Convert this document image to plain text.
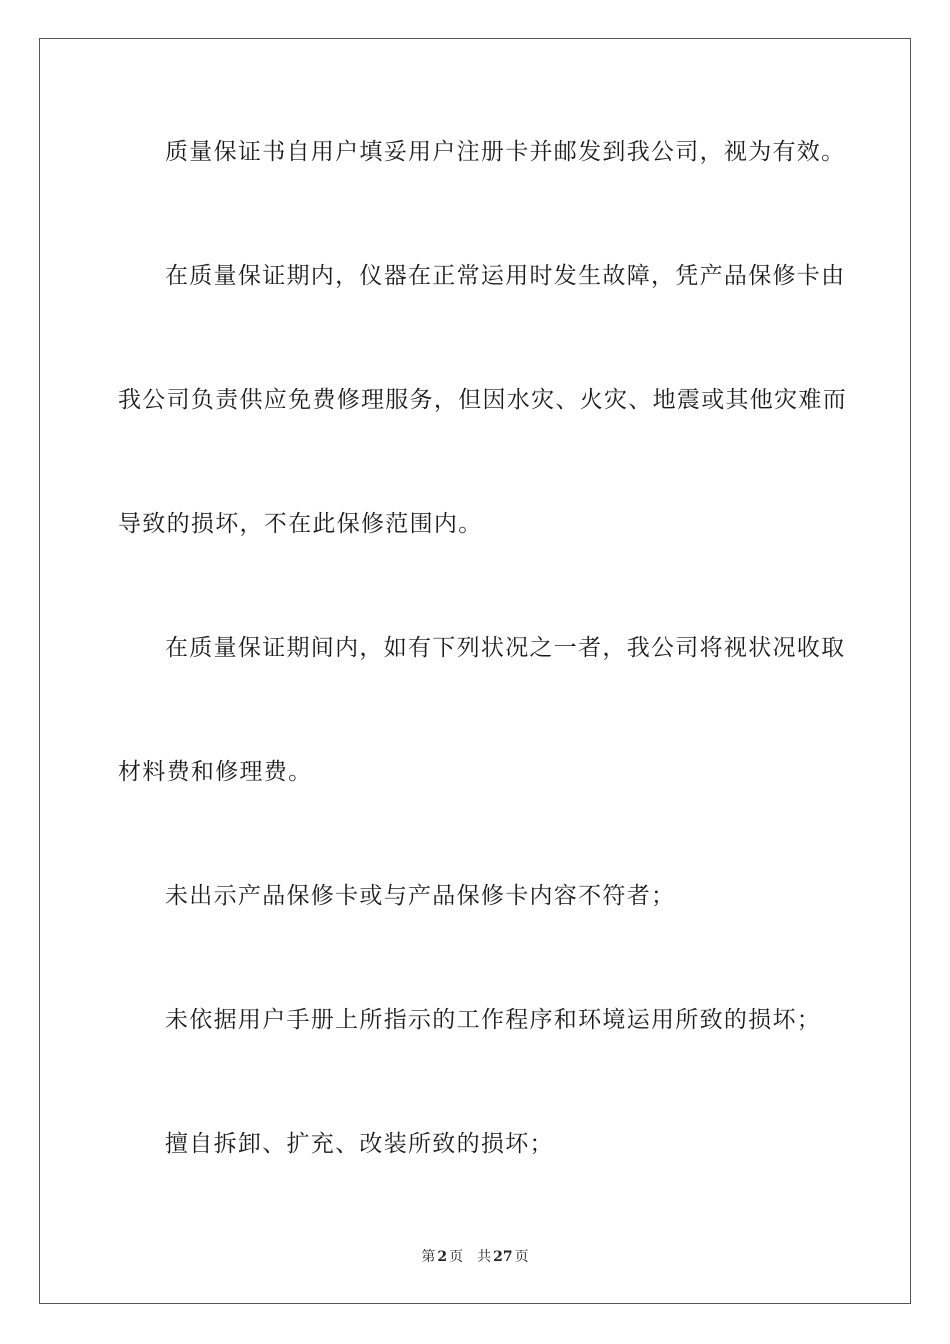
质量保证书自用户填妥用户注册卡并邮发到我公司，视为有效。

在质量保证期内，仪器在正常运用时发生故障，凭产品保修卡由

我公司负责供应免费修理服务，但因水灾、火灾、地震或其他灾难而

导致的损坏，不在此保修范围内。

在质量保证期间内，如有下列状况之一者，我公司将视状况收取

材料费和修理费。

未出示产品保修卡或与产品保修卡内容不符者；

未依据用户手册上所指示的工作程序和环境运用所致的损坏；

擅自拆卸、扩充、改装所致的损坏；

第 2 页 共 27 页
